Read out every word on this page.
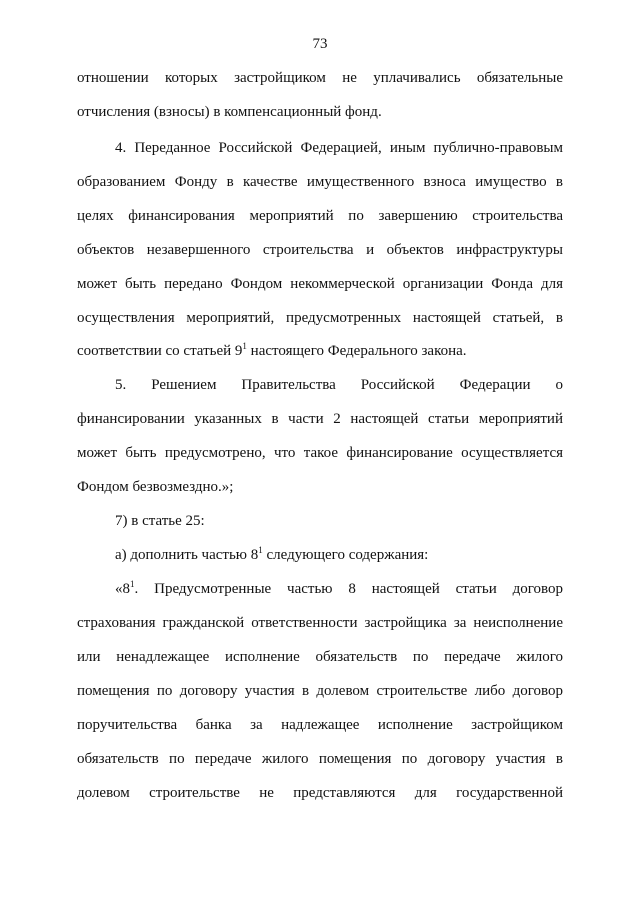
73
отношении которых застройщиком не уплачивались обязательные
отчисления (взносы) в компенсационный фонд.
4. Переданное Российской Федерацией, иным публично-правовым
образованием Фонду в качестве имущественного взноса имущество в
целях финансирования мероприятий по завершению строительства
объектов незавершенного строительства и объектов инфраструктуры
может быть передано Фондом некоммерческой организации Фонда для
осуществления мероприятий, предусмотренных настоящей статьей, в
соответствии со статьей $9^1$ настоящего Федерального закона.
5. Решением Правительства Российской Федерации о
финансировании указанных в части 2 настоящей статьи мероприятий
может быть предусмотрено, что такое финансирование осуществляется
Фондом безвозмездно.»;
7) в статье 25:
а) дополнить частью $8^1$ следующего содержания:
«$8^1$. Предусмотренные частью 8 настоящей статьи договор
страхования гражданской ответственности застройщика за неисполнение
или ненадлежащее исполнение обязательств по передаче жилого
помещения по договору участия в долевом строительстве либо договор
поручительства банка за надлежащее исполнение застройщиком
обязательств по передаче жилого помещения по договору участия в
долевом строительстве не представляются для государственной
